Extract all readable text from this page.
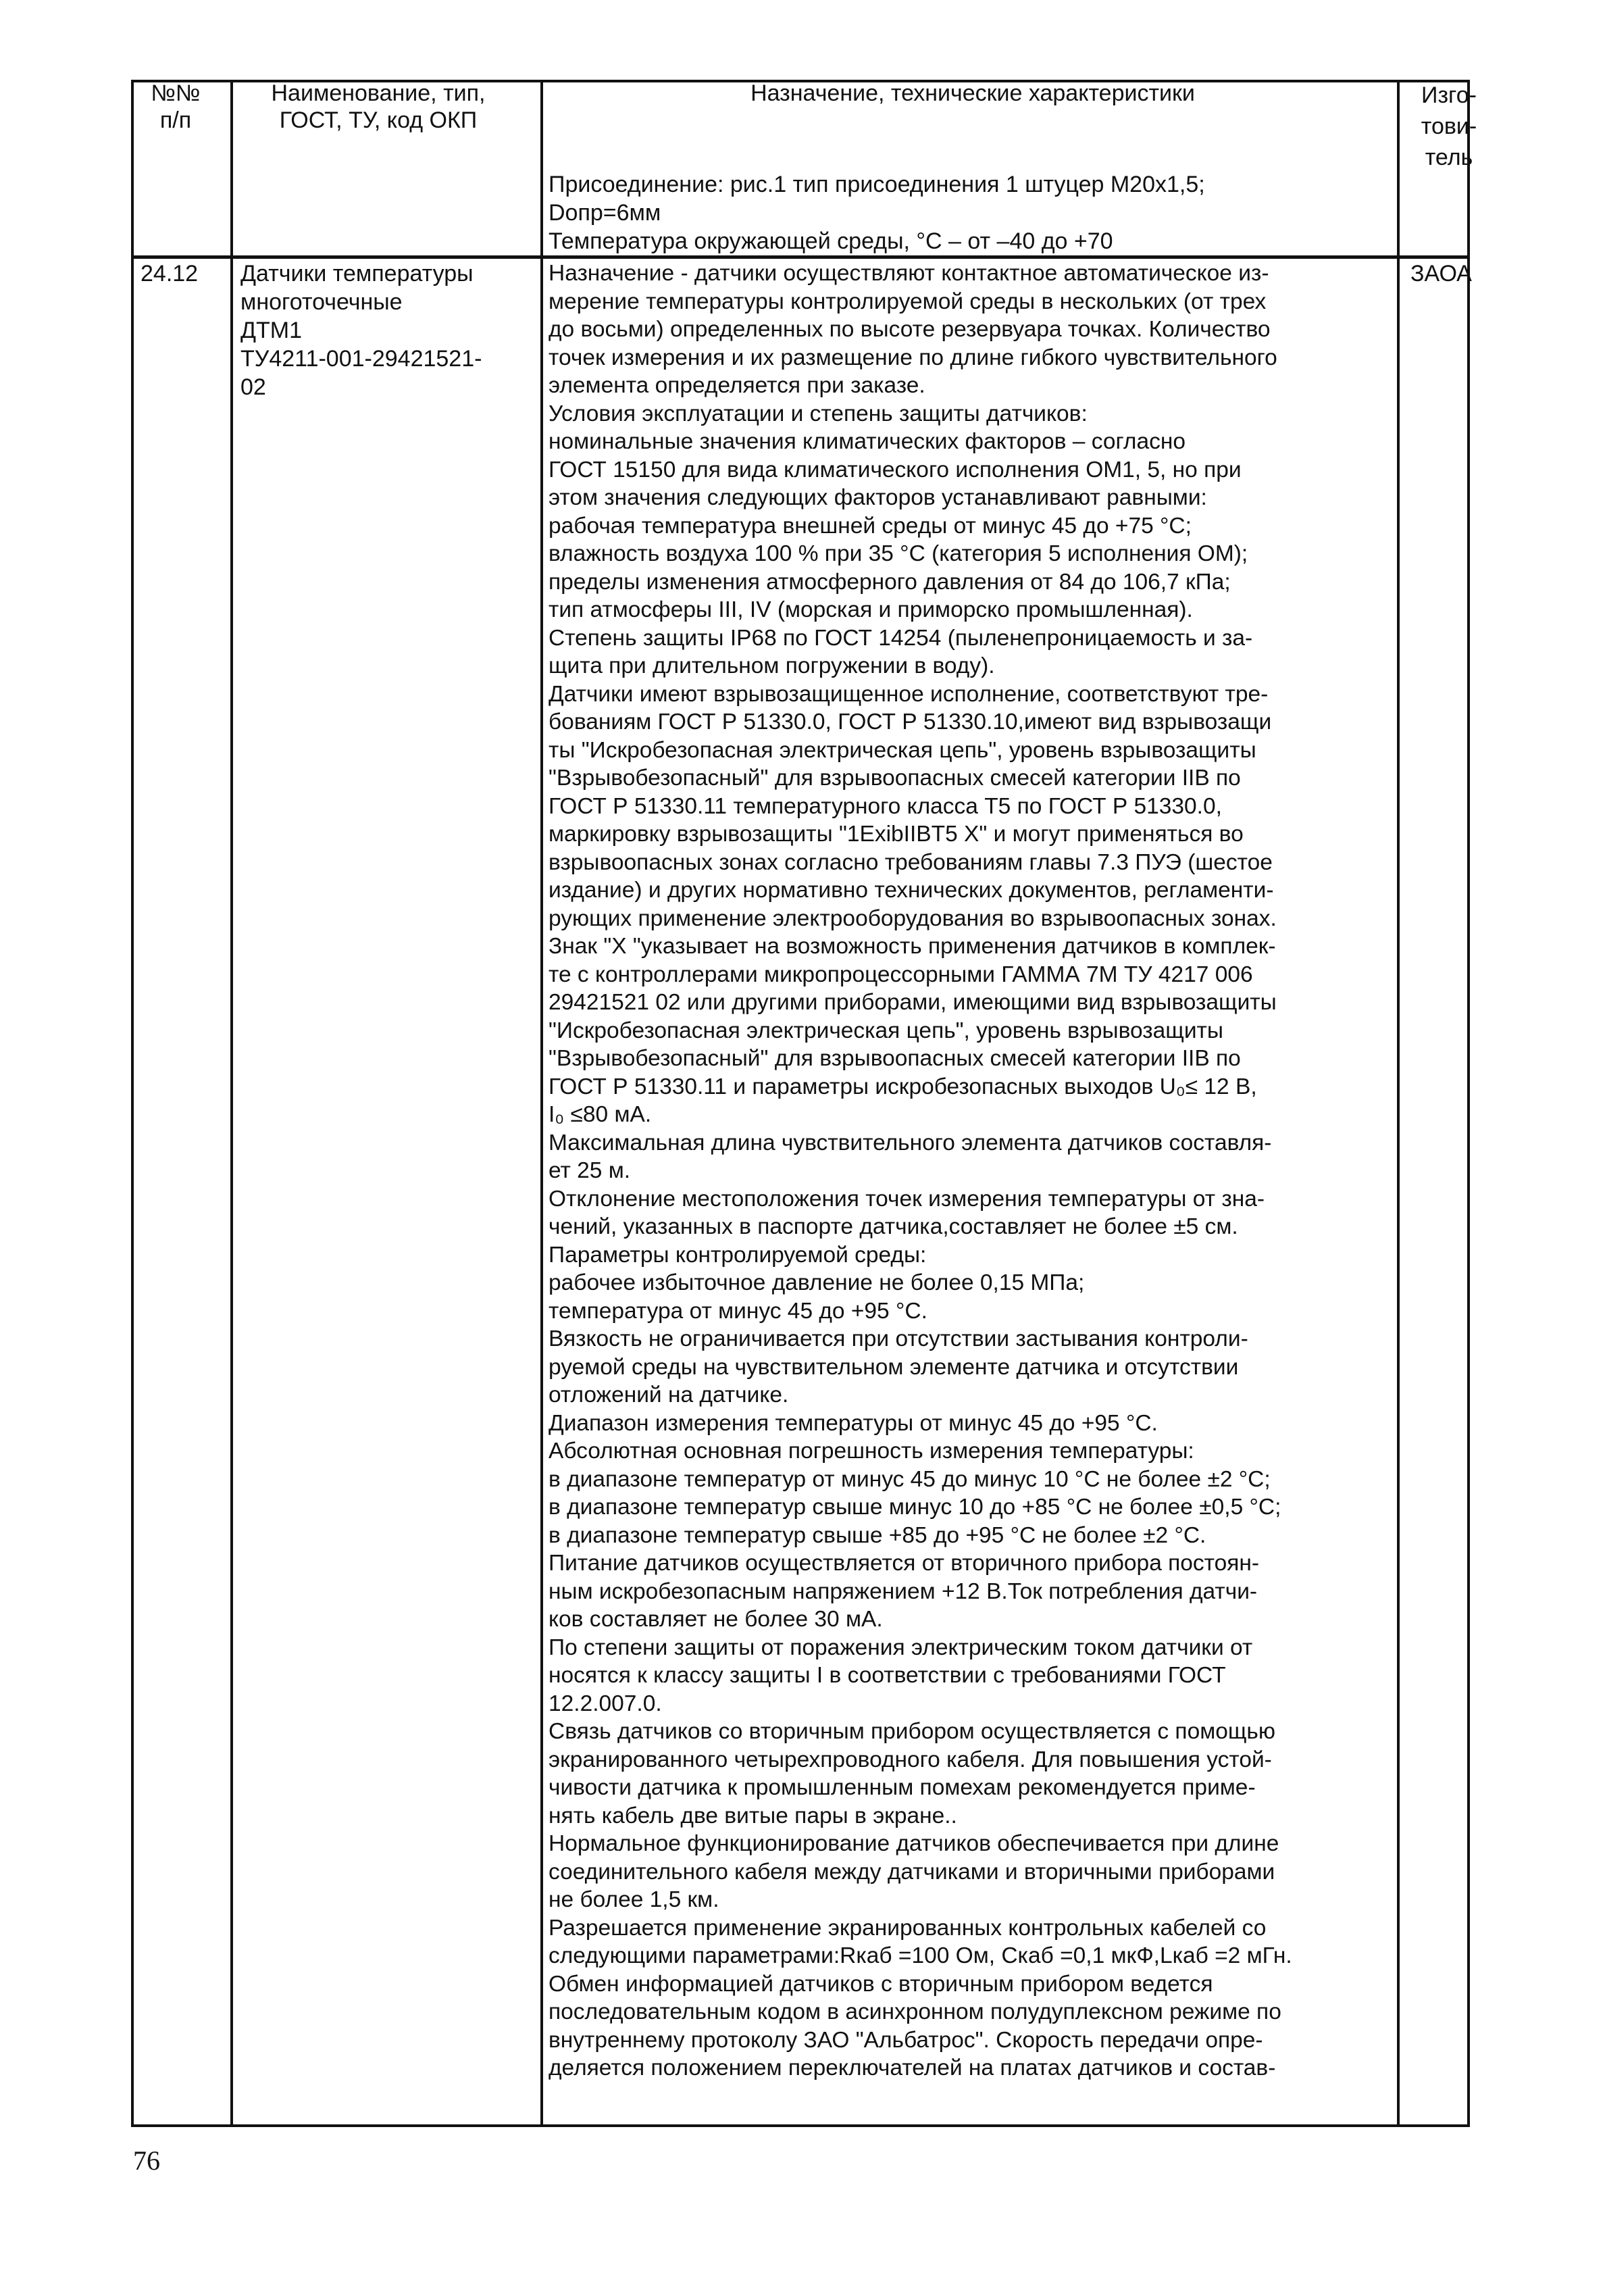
№№
п/п
Наименование, тип,
ГОСТ, ТУ, код ОКП
Назначение, технические характеристики	Изго-
тови-
тель
Присоединение: рис.1 тип присоединения 1 штуцер М20х1,5;
Dопр=6мм
Температура окружающей среды, °С – от –40 до +70
24.12 Датчики температуры
многоточечные
ДТМ1
ТУ4211-001-29421521-
02
ЗАОА
Назначение - датчики осуществляют контактное автоматическое из-
мерение температуры контролируемой среды в нескольких (от трех
до восьми) определенных по высоте резервуара точках. Количество
точек измерения и их размещение по длине гибкого чувствительного
элемента определяется при заказе.
Условия эксплуатации и степень защиты датчиков:
номинальные значения климатических факторов – согласно
ГОСТ 15150 для вида климатического исполнения ОМ1, 5, но при
этом значения следующих факторов устанавливают равными:
рабочая температура внешней среды от минус 45 до +75 °С;
влажность воздуха 100 % при 35 °С (категория 5 исполнения ОМ);
пределы изменения атмосферного давления от 84 до 106,7 кПа;
тип атмосферы III, IV (морская и приморско промышленная).
Степень защиты IP68 по ГОСТ 14254 (пыленепроницаемость и за-
щита при длительном погружении в воду).
Датчики имеют взрывозащищенное исполнение, соответствуют тре-
бованиям ГОСТ Р 51330.0, ГОСТ Р 51330.10,имеют вид взрывозащи
ты "Искробезопасная электрическая цепь", уровень взрывозащиты
"Взрывобезопасный" для взрывоопасных смесей категории IIB по
ГОСТ Р 51330.11 температурного класса Т5 по ГОСТ Р 51330.0,
маркировку взрывозащиты "1ExibIIBT5 X" и могут применяться во
взрывоопасных зонах согласно требованиям главы 7.3 ПУЭ (шестое
издание) и других нормативно технических документов, регламенти-
рующих применение электрооборудования во взрывоопасных зонах.
Знак "Х "указывает на возможность применения датчиков в комплек-
те с контроллерами микропроцессорными ГАММА 7М ТУ 4217 006
29421521 02 или другими приборами, имеющими вид взрывозащиты
"Искробезопасная электрическая цепь", уровень взрывозащиты
"Взрывобезопасный" для взрывоопасных смесей категории IIB по
ГОСТ Р 51330.11 и параметры искробезопасных выходов U₀≤ 12 В,
I₀ ≤80 мА.
Максимальная длина чувствительного элемента датчиков составля-
ет 25 м.
Отклонение местоположения точек измерения температуры от зна-
чений, указанных в паспорте датчика,составляет не более ±5 см.
Параметры контролируемой среды:
рабочее избыточное давление не более 0,15 МПа;
температура от минус 45 до +95 °С.
Вязкость не ограничивается при отсутствии застывания контроли-
руемой среды на чувствительном элементе датчика и отсутствии
отложений на датчике.
Диапазон измерения температуры от минус 45 до +95 °С.
Абсолютная основная погрешность измерения температуры:
в диапазоне температур от минус 45 до минус 10 °С не более ±2 °С;
в диапазоне температур свыше минус 10 до +85 °С не более ±0,5 °С;
в диапазоне температур свыше +85 до +95 °С не более ±2 °С.
Питание датчиков осуществляется от вторичного прибора постоян-
ным искробезопасным напряжением +12 В.Ток потребления датчи-
ков составляет не более 30 мА.
По степени защиты от поражения электрическим током датчики от
носятся к классу защиты I в соответствии с требованиями ГОСТ
12.2.007.0.
Связь датчиков со вторичным прибором осуществляется с помощью
экранированного четырехпроводного кабеля. Для повышения устой-
чивости датчика к промышленным помехам рекомендуется приме-
нять кабель две витые пары в экране..
Нормальное функционирование датчиков обеспечивается при длине
соединительного кабеля между датчиками и вторичными приборами
не более 1,5 км.
Разрешается применение экранированных контрольных кабелей со
следующими параметрами:Rкаб =100 Ом, Cкаб =0,1 мкФ,Lкаб =2 мГн.
Обмен информацией датчиков с вторичным прибором ведется
последовательным кодом в асинхронном полудуплексном режиме по
внутреннему протоколу ЗАО "Альбатрос". Скорость передачи опре-
деляется положением переключателей на платах датчиков и состав-
76
